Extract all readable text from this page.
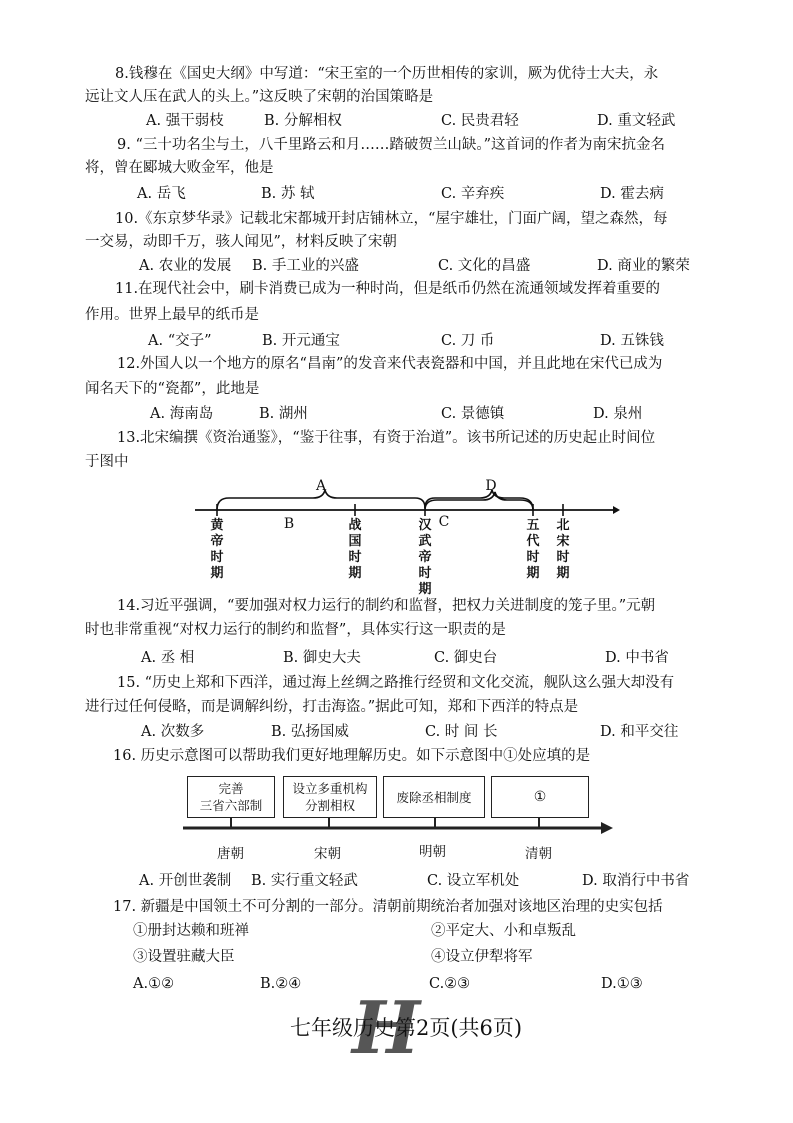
8.钱穆在《国史大纲》中写道：“宋王室的一个历世相传的家训，厥为优待士大夫，永
远让文人压在武人的头上。”这反映了宋朝的治国策略是
A. 强干弱枝	B. 分解相权	C. 民贵君轻	D. 重文轻武
9. “三十功名尘与土，八千里路云和月……踏破贺兰山缺。”这首词的作者为南宋抗金名
将，曾在郾城大败金军，他是
A. 岳飞	B. 苏 轼	C. 辛弃疾	D. 霍去病
10.《东京梦华录》记载北宋都城开封店铺林立，“屋宇雄壮，门面广阔，望之森然，每
一交易，动即千万，骇人闻见”，材料反映了宋朝
A. 农业的发展 B. 手工业的兴盛	C. 文化的昌盛	D. 商业的繁荣
11.在现代社会中，刷卡消费已成为一种时尚，但是纸币仍然在流通领域发挥着重要的
作用。世界上最早的纸币是
A. “交子”	B. 开元通宝	C. 刀 币	D. 五铢钱
12.外国人以一个地方的原名“昌南”的发音来代表瓷器和中国，并且此地在宋代已成为
闻名天下的“瓷都”，此地是
A. 海南岛	B. 湖州	C. 景德镇	D. 泉州
13.北宋编撰《资治通鉴》，“鉴于往事，有资于治道”。该书所记述的历史起止时间位
于图中
A	D
B	C
黄帝时期
战国时期
汉武帝时期
五代时期
北宋时期
14.习近平强调，“要加强对权力运行的制约和监督，把权力关进制度的笼子里。”元朝
时也非常重视“对权力运行的制约和监督”，具体实行这一职责的是
A. 丞 相	B. 御史大夫	C. 御史台	D. 中书省
15. “历史上郑和下西洋，通过海上丝绸之路推行经贸和文化交流，舰队这么强大却没有
进行过任何侵略，而是调解纠纷，打击海盗。”据此可知，郑和下西洋的特点是
A. 次数多	B. 弘扬国威	C. 时 间 长	D. 和平交往
16. 历史示意图可以帮助我们更好地理解历史。如下示意图中①处应填的是
完善
三省六部制
设立多重机构
分割相权
废除丞相制度	①
唐朝	宋朝	明朝	清朝
A. 开创世袭制 B. 实行重文轻武	C. 设立军机处	D. 取消行中书省
17. 新疆是中国领土不可分割的一部分。清朝前期统治者加强对该地区治理的史实包括
①册封达赖和班禅	②平定大、小和卓叛乱
③设置驻藏大臣	④设立伊犁将军
A.①②	B.②④	C.②③	D.①③
H
七年级历史第2页(共6页)
